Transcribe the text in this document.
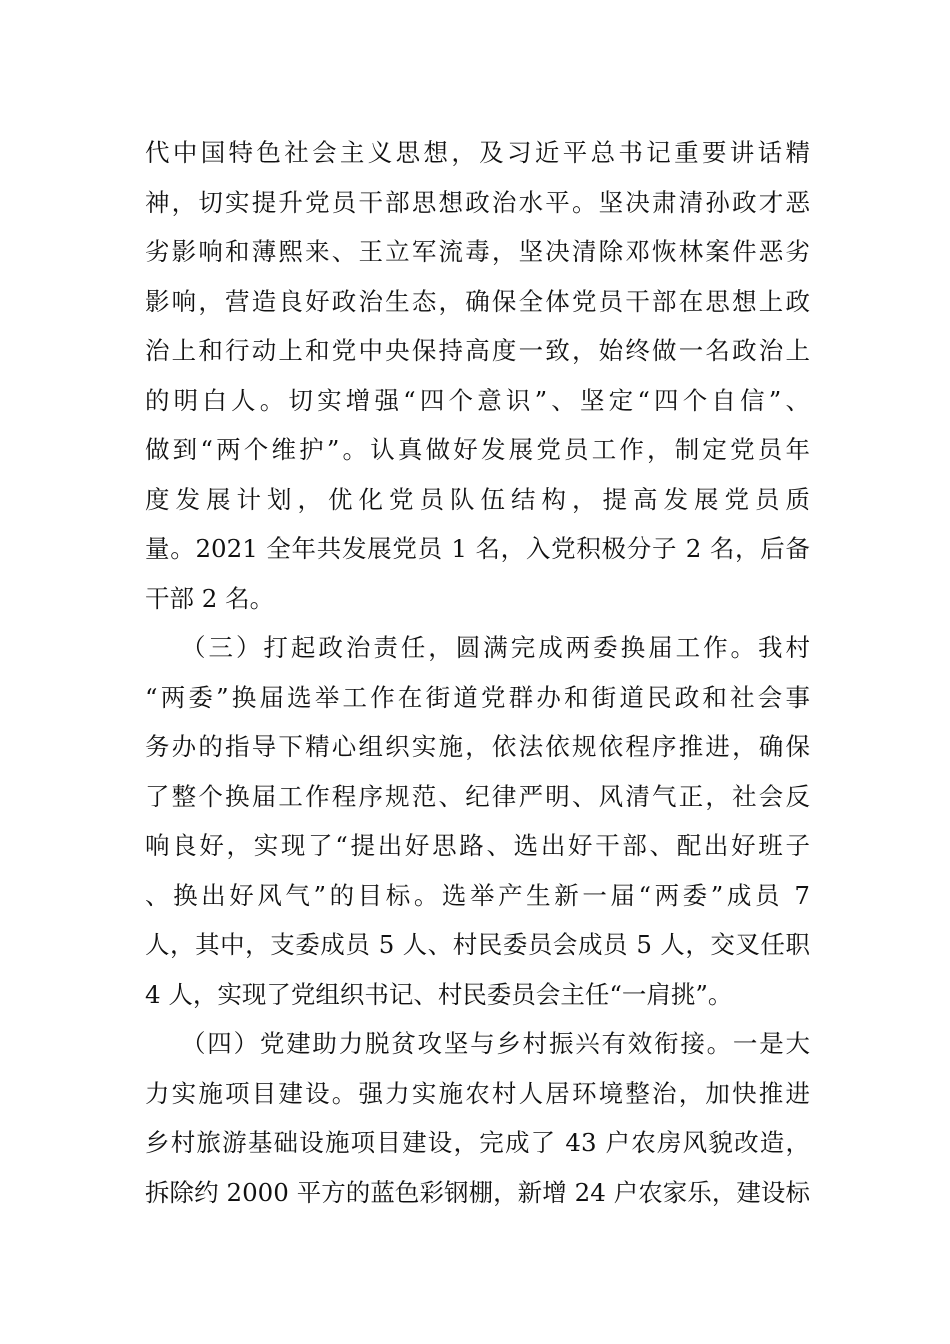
代中国特色社会主义思想，及习近平总书记重要讲话精
神，切实提升党员干部思想政治水平。坚决肃清孙政才恶
劣影响和薄熙来、王立军流毒，坚决清除邓恢林案件恶劣
影响，营造良好政治生态，确保全体党员干部在思想上政
治上和行动上和党中央保持高度一致，始终做一名政治上
的明白人。切实增强“四个意识”、坚定“四个自信”、
做到“两个维护”。认真做好发展党员工作，制定党员年
度发展计划，优化党员队伍结构，提高发展党员质
量。2021 全年共发展党员 1 名，入党积极分子 2 名，后备
干部 2 名。
（三）打起政治责任，圆满完成两委换届工作。我村
“两委”换届选举工作在街道党群办和街道民政和社会事
务办的指导下精心组织实施，依法依规依程序推进，确保
了整个换届工作程序规范、纪律严明、风清气正，社会反
响良好，实现了“提出好思路、选出好干部、配出好班子
、换出好风气”的目标。选举产生新一届“两委”成员 7
人，其中，支委成员 5 人、村民委员会成员 5 人，交叉任职
4 人，实现了党组织书记、村民委员会主任“一肩挑”。
（四）党建助力脱贫攻坚与乡村振兴有效衔接。一是大
力实施项目建设。强力实施农村人居环境整治，加快推进
乡村旅游基础设施项目建设，完成了 43 户农房风貌改造，
拆除约 2000 平方的蓝色彩钢棚，新增 24 户农家乐，建设标
